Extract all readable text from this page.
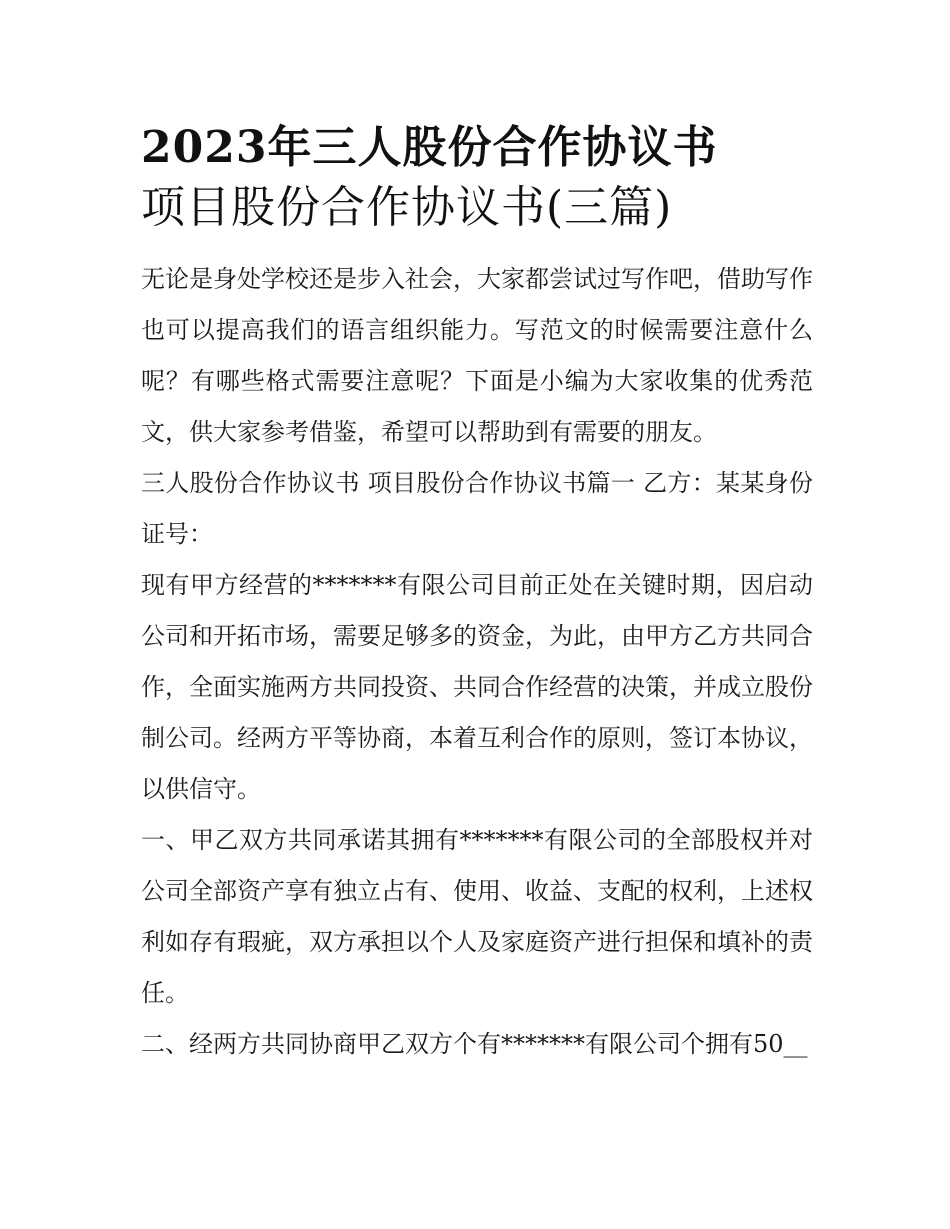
2023年三人股份合作协议书
项目股份合作协议书(三篇)

无论是身处学校还是步入社会，大家都尝试过写作吧，借助写作也可以提高我们的语言组织能力。写范文的时候需要注意什么呢？有哪些格式需要注意呢？下面是小编为大家收集的优秀范文，供大家参考借鉴，希望可以帮助到有需要的朋友。

三人股份合作协议书 项目股份合作协议书篇一 乙方：某某身份证号：

现有甲方经营的*******有限公司目前正处在关键时期，因启动公司和开拓市场，需要足够多的资金，为此，由甲方乙方共同合作，全面实施两方共同投资、共同合作经营的决策，并成立股份制公司。经两方平等协商，本着互利合作的原则，签订本协议，以供信守。

一、甲乙双方共同承诺其拥有*******有限公司的全部股权并对公司全部资产享有独立占有、使用、收益、支配的权利，上述权利如存有瑕疵，双方承担以个人及家庭资产进行担保和填补的责任。

二、经两方共同协商甲乙双方个有*******有限公司个拥有50__
